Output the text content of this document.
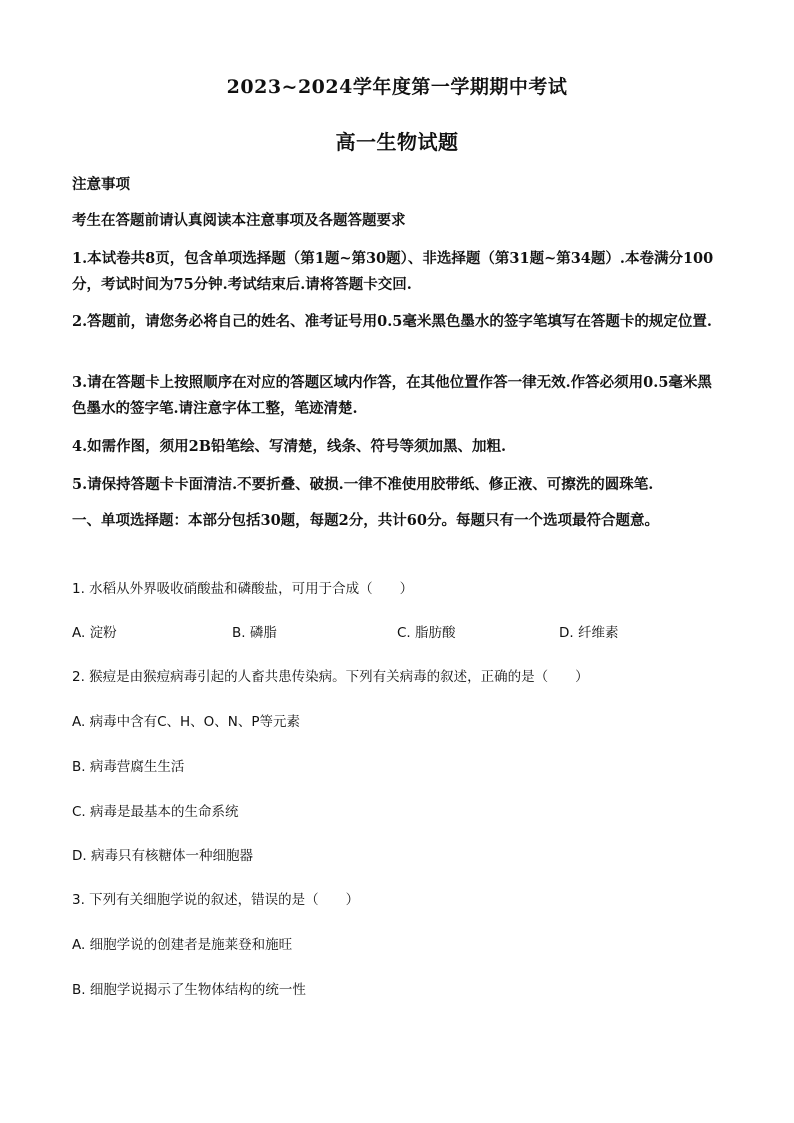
2023~2024学年度第一学期期中考试
高一生物试题
注意事项
考生在答题前请认真阅读本注意事项及各题答题要求
1.本试卷共8页，包含单项选择题（第1题~第30题）、非选择题（第31题~第34题）.本卷满分100分，考试时间为75分钟.考试结束后.请将答题卡交回.
2.答题前，请您务必将自己的姓名、准考证号用0.5毫米黑色墨水的签字笔填写在答题卡的规定位置.
3.请在答题卡上按照顺序在对应的答题区域内作答，在其他位置作答一律无效.作答必须用0.5毫米黑色墨水的签字笔.请注意字体工整，笔迹清楚.
4.如需作图，须用2B铅笔绘、写清楚，线条、符号等须加黑、加粗.
5.请保持答题卡卡面清洁.不要折叠、破损.一律不准使用胶带纸、修正液、可擦洗的圆珠笔.
一、单项选择题：本部分包括30题，每题2分，共计60分。每题只有一个选项最符合题意。
1. 水稻从外界吸收硝酸盐和磷酸盐，可用于合成（　　）
A. 淀粉	B. 磷脂	C. 脂肪酸	D. 纤维素
2. 猴痘是由猴痘病毒引起的人畜共患传染病。下列有关病毒的叙述，正确的是（　　）
A. 病毒中含有C、H、O、N、P等元素
B. 病毒营腐生生活
C. 病毒是最基本的生命系统
D. 病毒只有核糖体一种细胞器
3. 下列有关细胞学说的叙述，错误的是（　　）
A. 细胞学说的创建者是施莱登和施旺
B. 细胞学说揭示了生物体结构的统一性
